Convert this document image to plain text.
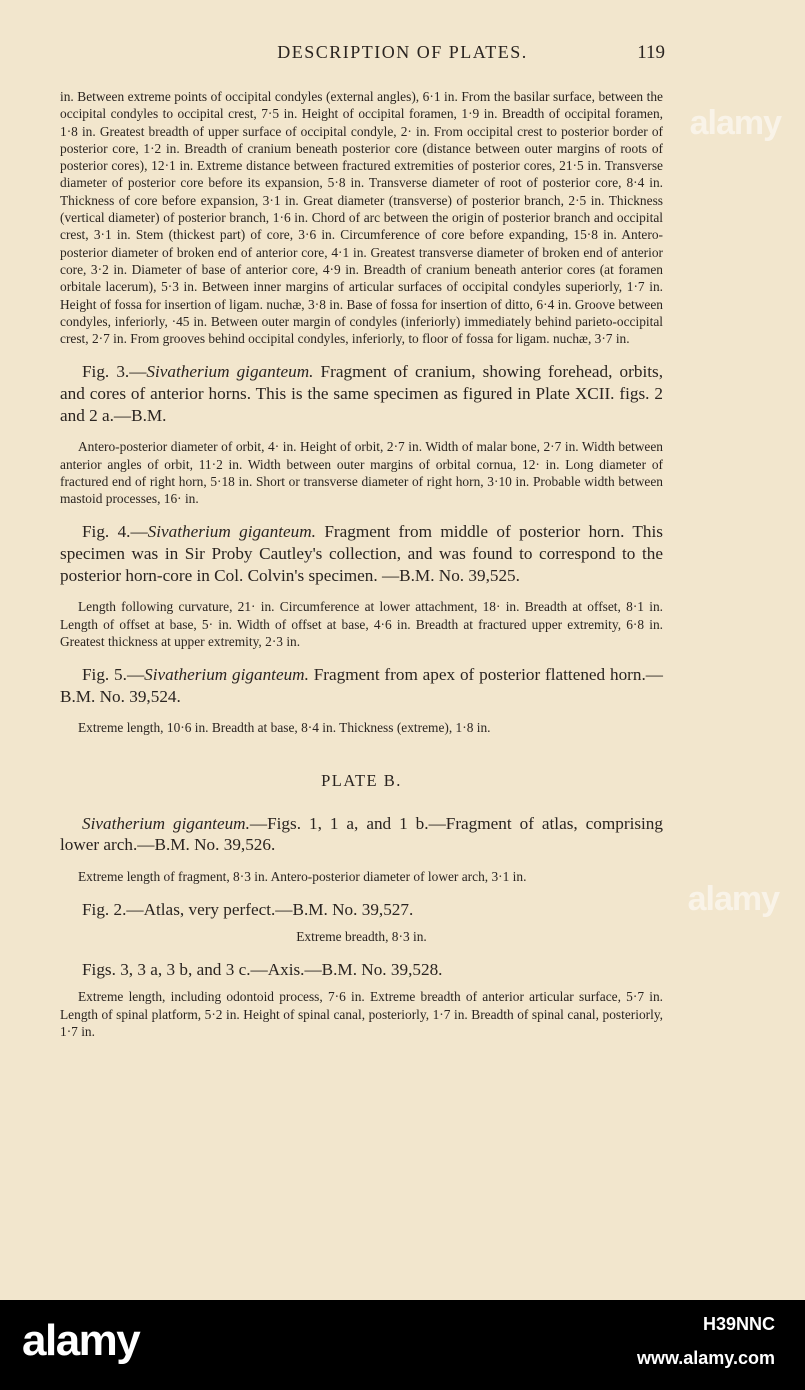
DESCRIPTION OF PLATES.	119

in. Between extreme points of occipital condyles (external angles), 6·1 in. From the basilar surface, between the occipital condyles to occipital crest, 7·5 in. Height of occipital foramen, 1·9 in. Breadth of occipital foramen, 1·8 in. Greatest breadth of upper surface of occipital condyle, 2· in. From occipital crest to posterior border of posterior core, 1·2 in. Breadth of cranium beneath posterior core (distance between outer margins of roots of posterior cores), 12·1 in. Extreme distance between fractured extremities of posterior cores, 21·5 in. Transverse diameter of posterior core before its expansion, 5·8 in. Transverse diameter of root of posterior core, 8·4 in. Thickness of core before expansion, 3·1 in. Great diameter (transverse) of posterior branch, 2·5 in. Thickness (vertical diameter) of posterior branch, 1·6 in. Chord of arc between the origin of posterior branch and occipital crest, 3·1 in. Stem (thickest part) of core, 3·6 in. Circumference of core before expanding, 15·8 in. Antero-posterior diameter of broken end of anterior core, 4·1 in. Greatest transverse diameter of broken end of anterior core, 3·2 in. Diameter of base of anterior core, 4·9 in. Breadth of cranium beneath anterior cores (at foramen orbitale lacerum), 5·3 in. Between inner margins of articular surfaces of occipital condyles superiorly, 1·7 in. Height of fossa for insertion of ligam. nuchæ, 3·8 in. Base of fossa for insertion of ditto, 6·4 in. Groove between condyles, inferiorly, ·45 in. Between outer margin of condyles (inferiorly) immediately behind parieto-occipital crest, 2·7 in. From grooves behind occipital condyles, inferiorly, to floor of fossa for ligam. nuchæ, 3·7 in.

Fig. 3.—Sivatherium giganteum. Fragment of cranium, showing forehead, orbits, and cores of anterior horns. This is the same specimen as figured in Plate XCII. figs. 2 and 2 a.—B.M.

Antero-posterior diameter of orbit, 4· in. Height of orbit, 2·7 in. Width of malar bone, 2·7 in. Width between anterior angles of orbit, 11·2 in. Width between outer margins of orbital cornua, 12· in. Long diameter of fractured end of right horn, 5·18 in. Short or transverse diameter of right horn, 3·10 in. Probable width between mastoid processes, 16· in.

Fig. 4.—Sivatherium giganteum. Fragment from middle of posterior horn. This specimen was in Sir Proby Cautley's collection, and was found to correspond to the posterior horn-core in Col. Colvin's specimen. —B.M. No. 39,525.

Length following curvature, 21· in. Circumference at lower attachment, 18· in. Breadth at offset, 8·1 in. Length of offset at base, 5· in. Width of offset at base, 4·6 in. Breadth at fractured upper extremity, 6·8 in. Greatest thickness at upper extremity, 2·3 in.

Fig. 5.—Sivatherium giganteum. Fragment from apex of posterior flattened horn.—B.M. No. 39,524.

Extreme length, 10·6 in. Breadth at base, 8·4 in. Thickness (extreme), 1·8 in.

PLATE B.

Sivatherium giganteum.—Figs. 1, 1 a, and 1 b.—Fragment of atlas, comprising lower arch.—B.M. No. 39,526.

Extreme length of fragment, 8·3 in. Antero-posterior diameter of lower arch, 3·1 in.

Fig. 2.—Atlas, very perfect.—B.M. No. 39,527.

Extreme breadth, 8·3 in.

Figs. 3, 3 a, 3 b, and 3 c.—Axis.—B.M. No. 39,528.

Extreme length, including odontoid process, 7·6 in. Extreme breadth of anterior articular surface, 5·7 in. Length of spinal platform, 5·2 in. Height of spinal canal, posteriorly, 1·7 in. Breadth of spinal canal, posteriorly, 1·7 in.

alamy
alamy
alamy	H39NNC
www.alamy.com
